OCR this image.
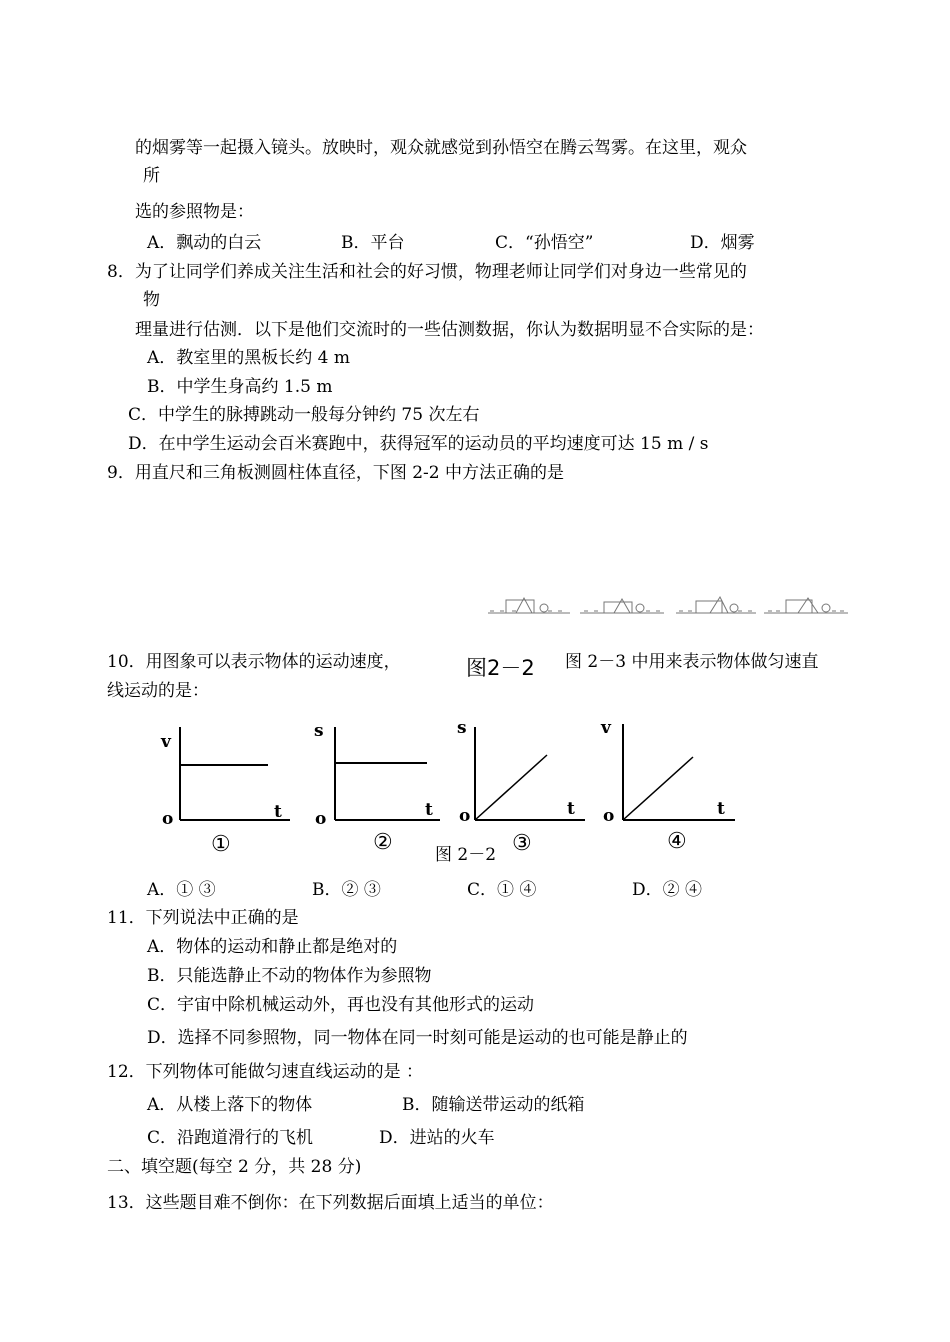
的烟雾等一起摄入镜头。放映时，观众就感觉到孙悟空在腾云驾雾。在这里，观众
所
选的参照物是：
A．飘动的白云	B．平台	C．“孙悟空”	D．烟雾
8．为了让同学们养成关注生活和社会的好习惯，物理老师让同学们对身边一些常见的
物
理量进行估测．以下是他们交流时的一些估测数据，你认为数据明显不合实际的是：
A．教室里的黑板长约 4 m
B．中学生身高约 1.5 m
C．中学生的脉搏跳动一般每分钟约 75 次左右
D．在中学生运动会百米赛跑中，获得冠军的运动员的平均速度可达 15 m / s
9．用直尺和三角板测圆柱体直径，下图 2-2 中方法正确的是
10．用图象可以表示物体的运动速度，	图2－2 图 2－3 中用来表示物体做匀速直
线运动的是：
v
t
o
①
s
t
o
②
s
t
o
③
v
t
o
④
图 2－2
A．① ③	B．② ③	C．① ④	D．② ④
11．下列说法中正确的是
A．物体的运动和静止都是绝对的
B．只能选静止不动的物体作为参照物
C．宇宙中除机械运动外，再也没有其他形式的运动
D．选择不同参照物，同一物体在同一时刻可能是运动的也可能是静止的
12．下列物体可能做匀速直线运动的是 ：
A．从楼上落下的物体	B．随输送带运动的纸箱
C．沿跑道滑行的飞机	D．进站的火车
二、填空题(每空 2 分，共 28 分)
13．这些题目难不倒你：在下列数据后面填上适当的单位：
